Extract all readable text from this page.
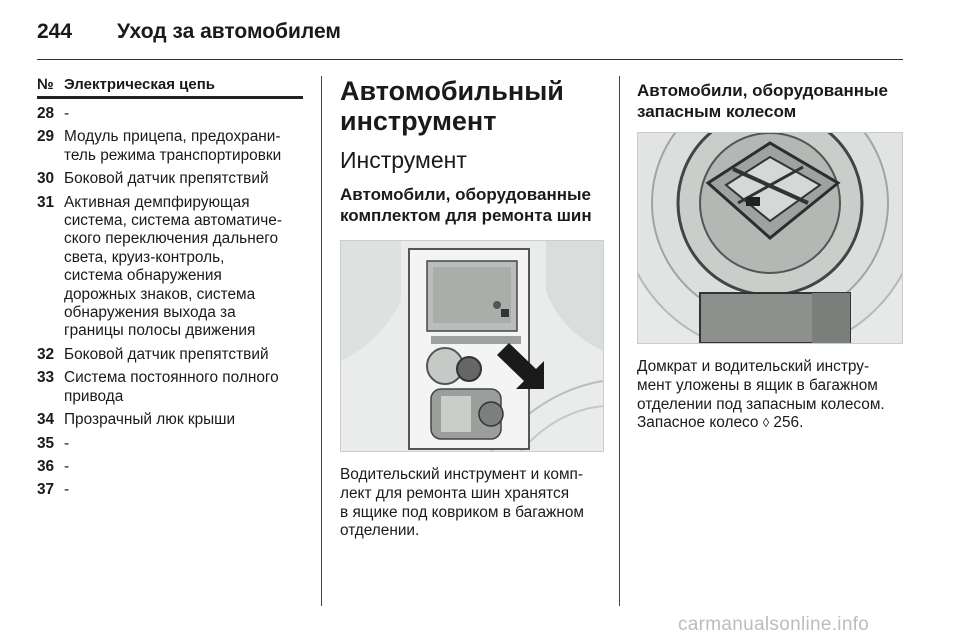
244	Уход за автомобилем
№ Электрическая цепь
28 -
29 Модуль прицепа, предохрани-
тель режима транспортировки
30 Боковой датчик препятствий
31 Активная демпфирующая
система, система автоматиче-
ского переключения дальнего
света, круиз-контроль,
система обнаружения
дорожных знаков, система
обнаружения выхода за
границы полосы движения
32 Боковой датчик препятствий
33 Система постоянного полного
привода
34 Прозрачный люк крыши
35 -
36 -
37 -
Автомобильный
инструмент
Инструмент
Автомобили, оборудованные
комплектом для ремонта шин
Водительский инструмент и комп-
лект для ремонта шин хранятся
в ящике под ковриком в багажном
отделении.
Автомобили, оборудованные
запасным колесом
Домкрат и водительский инстру-
мент уложены в ящик в багажном
отделении под запасным колесом.
Запасное колесо ◊ 256.
carmanualsonline.info
